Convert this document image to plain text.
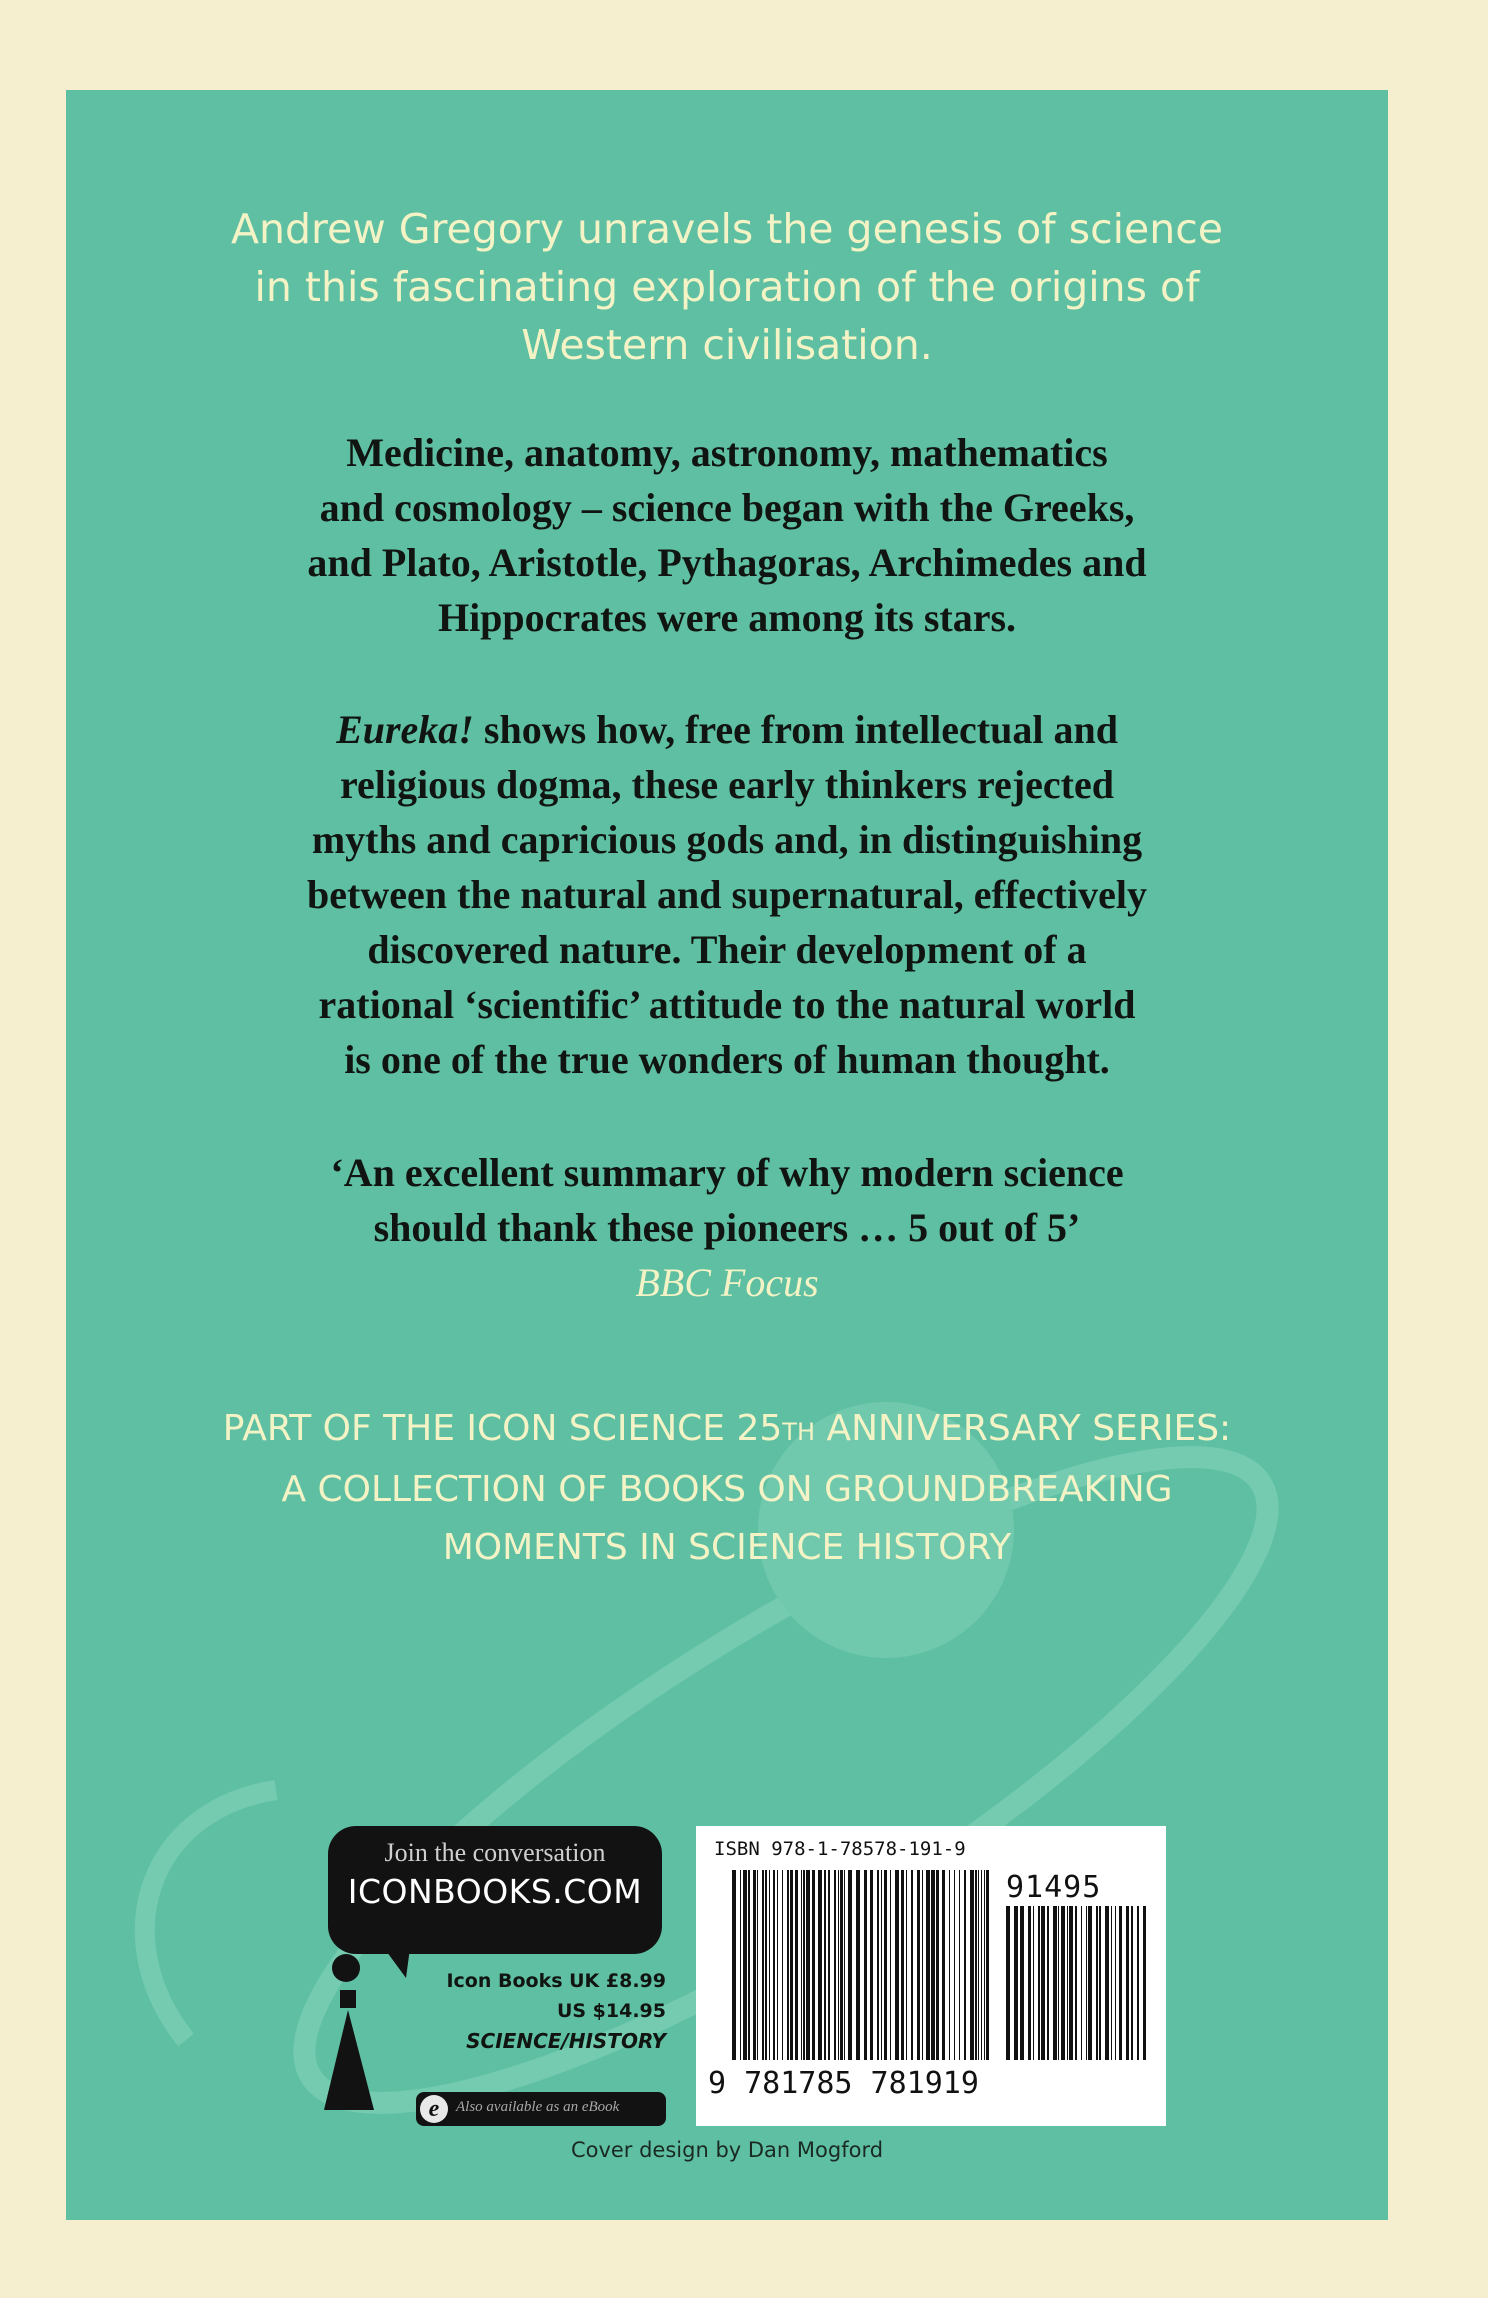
Andrew Gregory unravels the genesis of science
in this fascinating exploration of the origins of
Western civilisation.
Medicine, anatomy, astronomy, mathematics
and cosmology – science began with the Greeks,
and Plato, Aristotle, Pythagoras, Archimedes and
Hippocrates were among its stars.
Eureka! shows how, free from intellectual and
religious dogma, these early thinkers rejected
myths and capricious gods and, in distinguishing
between the natural and supernatural, effectively
discovered nature. Their development of a
rational ‘scientific’ attitude to the natural world
is one of the true wonders of human thought.
‘An excellent summary of why modern science
should thank these pioneers … 5 out of 5’
BBC Focus
PART OF THE ICON SCIENCE 25TH ANNIVERSARY SERIES:
A COLLECTION OF BOOKS ON GROUNDBREAKING
MOMENTS IN SCIENCE HISTORY
Join the conversation
ICONBOOKS.COM
Icon Books UK £8.99
US $14.95
SCIENCE/HISTORY
e	Also available as an eBook
ISBN 978-1-78578-191-9
91495
9 781785 781919
Cover design by Dan Mogford
